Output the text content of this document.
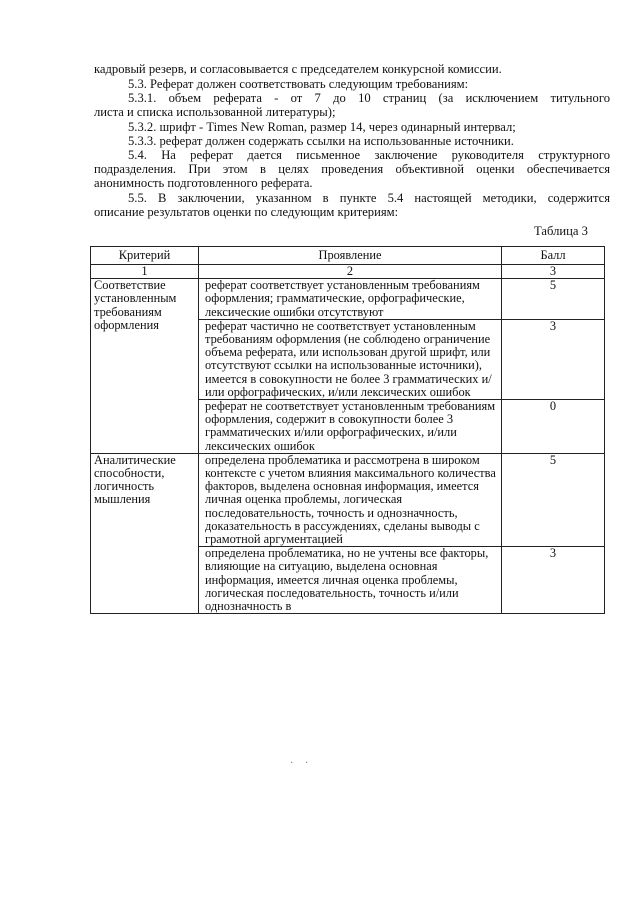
кадровый резерв, и согласовывается с председателем конкурсной комиссии.
5.3. Реферат должен соответствовать следующим требованиям:
5.3.1. объем реферата - от 7 до 10 страниц (за исключением титульного
листа и списка использованной литературы);
5.3.2. шрифт - Times New Roman, размер 14, через одинарный интервал;
5.3.3. реферат должен содержать ссылки на использованные источники.
5.4. На реферат дается письменное заключение руководителя структурного
подразделения. При этом в целях проведения объективной оценки обеспечивается
анонимность подготовленного реферата.
5.5. В заключении, указанном в пункте 5.4 настоящей методики, содержится
описание результатов оценки по следующим критериям:
Таблица 3
Критерий	Проявление	Балл
1	2	3
Соответствие установленным требованиям оформления	реферат соответствует установленным требованиям оформления; грамматические, орфографические, лексические ошибки отсутствуют	5
	реферат частично не соответствует установленным требованиям оформления (не соблюдено ограничение объема реферата, или использован другой шрифт, или отсутствуют ссылки на использованные источники), имеется в совокупности не более 3 грамматических и/или орфографических, и/или лексических ошибок	3
	реферат не соответствует установленным требованиям оформления, содержит в совокупности более 3 грамматических и/или орфографических, и/или лексических ошибок	0
Аналитические способности, логичность мышления	определена проблематика и рассмотрена в широком контексте с учетом влияния максимального количества факторов, выделена основная информация, имеется личная оценка проблемы, логическая последовательность, точность и однозначность, доказательность в рассуждениях, сделаны выводы с грамотной аргументацией	5
	определена проблематика, но не учтены все факторы, влияющие на ситуацию, выделена основная информация, имеется личная оценка проблемы, логическая последовательность, точность и/или однозначность в	3
· ·
